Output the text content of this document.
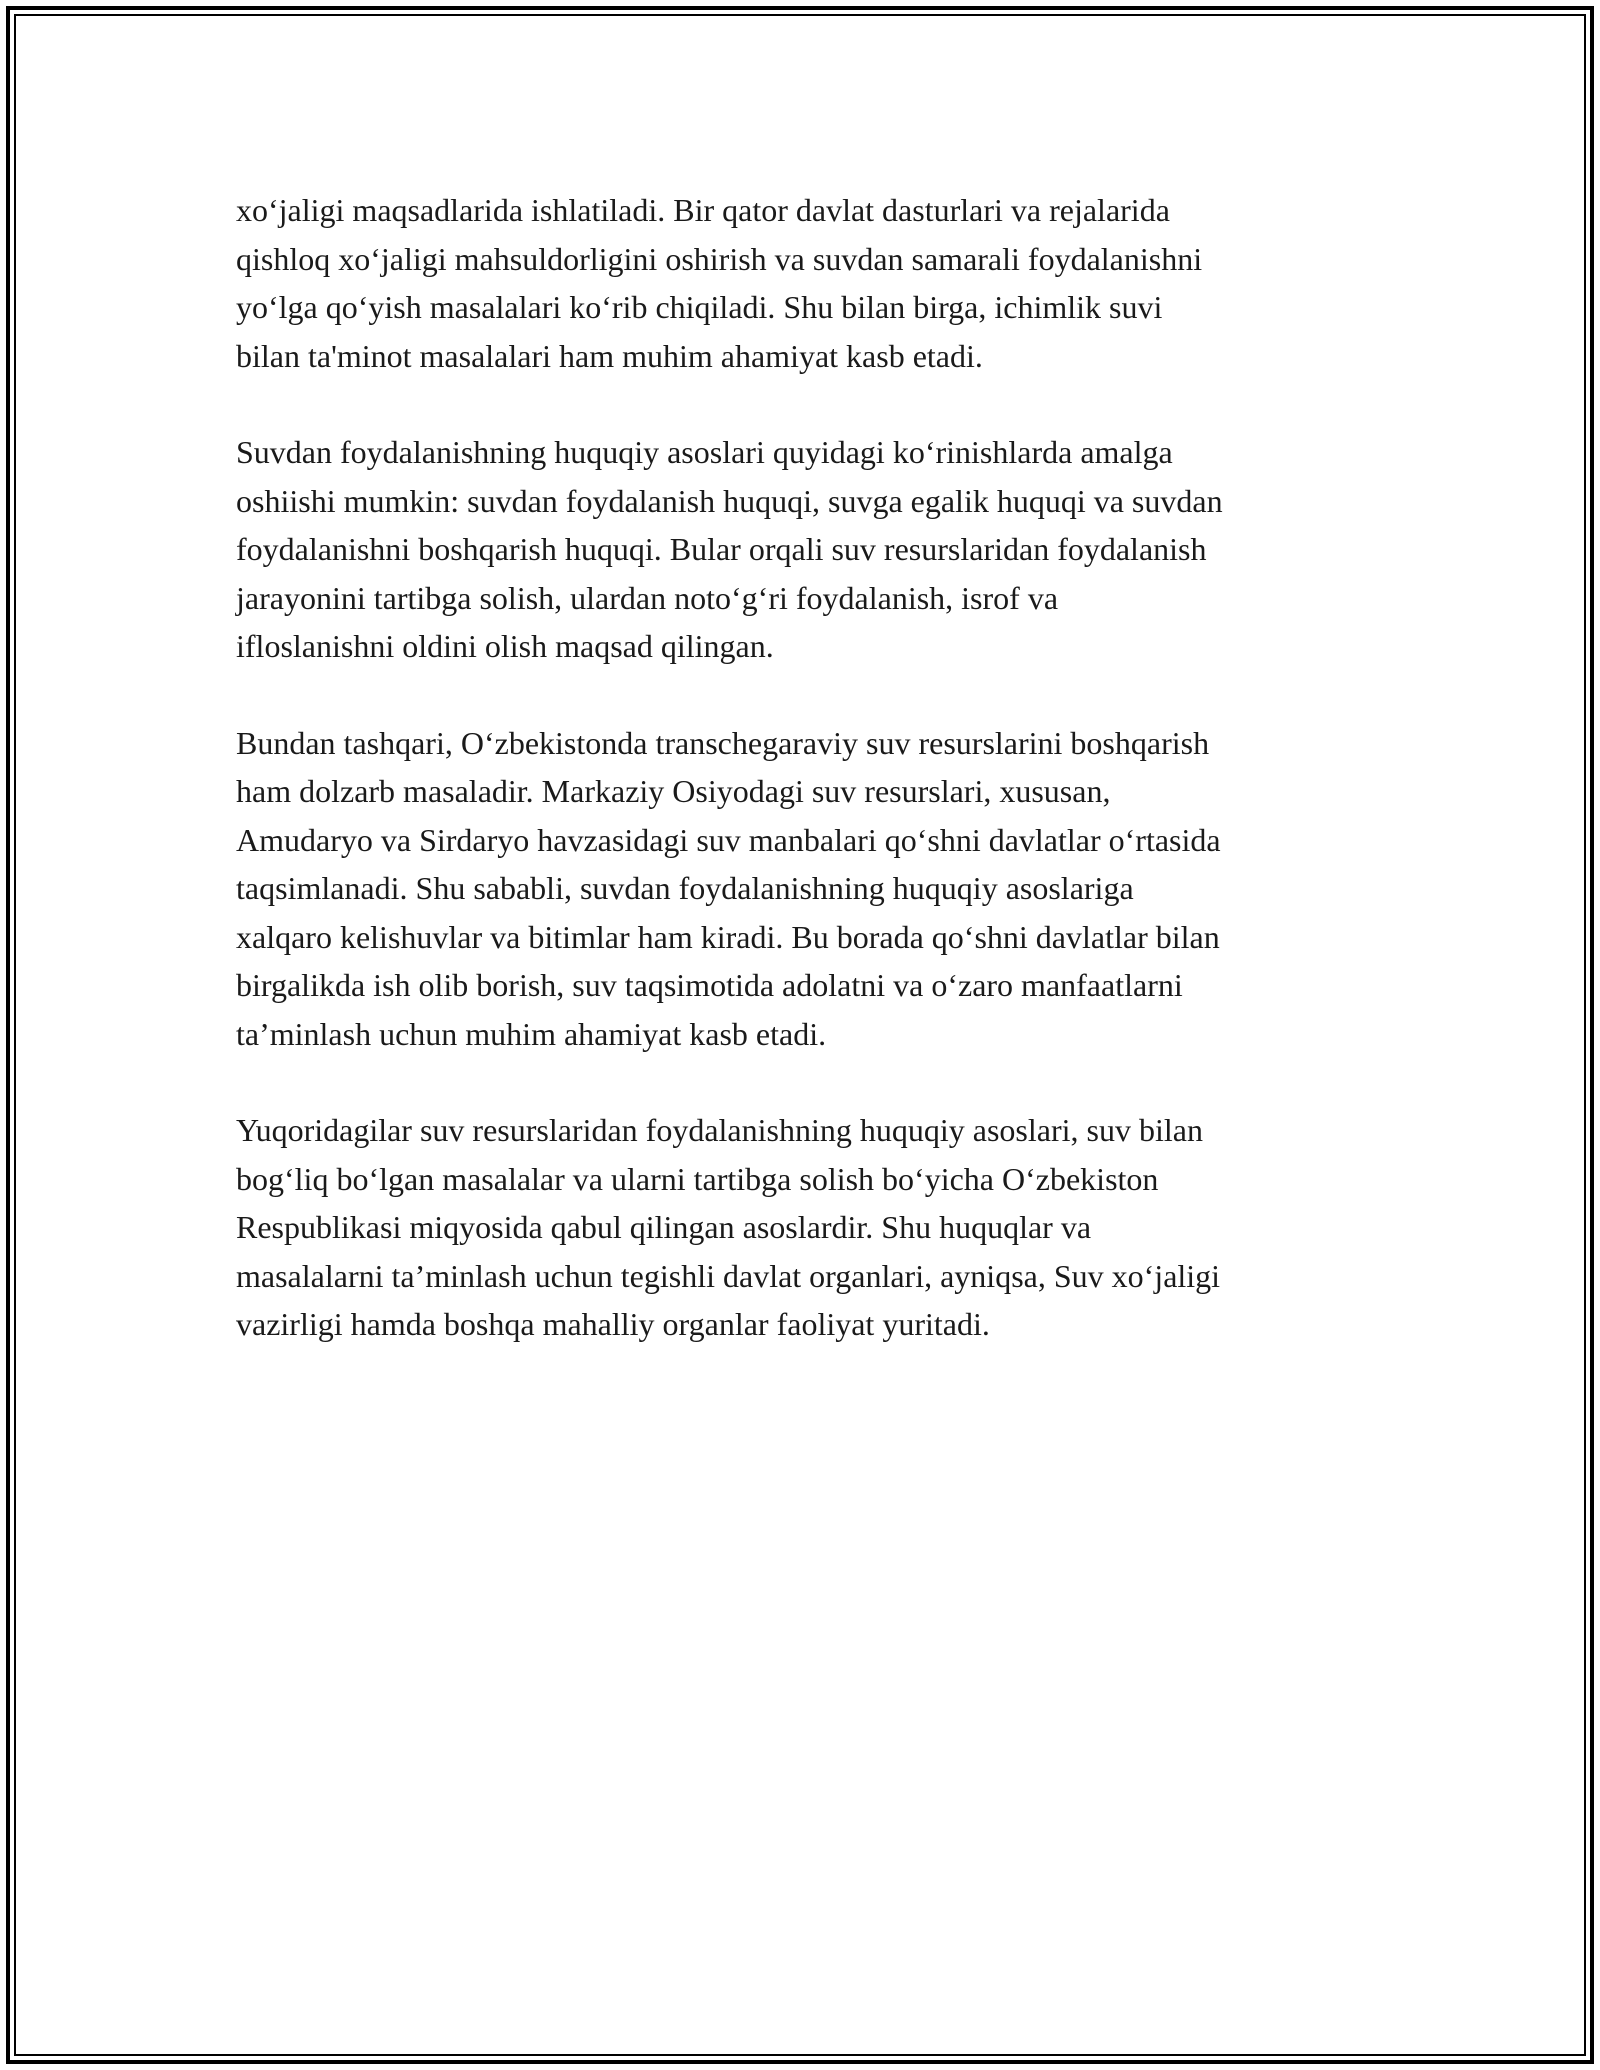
xo‘jaligi maqsadlarida ishlatiladi. Bir qator davlat dasturlari va rejalarida
qishloq xo‘jaligi mahsuldorligini oshirish va suvdan samarali foydalanishni
yo‘lga qo‘yish masalalari ko‘rib chiqiladi. Shu bilan birga, ichimlik suvi
bilan ta'minot masalalari ham muhim ahamiyat kasb etadi.

Suvdan foydalanishning huquqiy asoslari quyidagi ko‘rinishlarda amalga
oshiishi mumkin: suvdan foydalanish huquqi, suvga egalik huquqi va suvdan
foydalanishni boshqarish huquqi. Bular orqali suv resurslaridan foydalanish
jarayonini tartibga solish, ulardan noto‘g‘ri foydalanish, isrof va
ifloslanishni oldini olish maqsad qilingan.

Bundan tashqari, O‘zbekistonda transchegaraviy suv resurslarini boshqarish
ham dolzarb masaladir. Markaziy Osiyodagi suv resurslari, xususan,
Amudaryo va Sirdaryo havzasidagi suv manbalari qo‘shni davlatlar o‘rtasida
taqsimlanadi. Shu sababli, suvdan foydalanishning huquqiy asoslariga
xalqaro kelishuvlar va bitimlar ham kiradi. Bu borada qo‘shni davlatlar bilan
birgalikda ish olib borish, suv taqsimotida adolatni va o‘zaro manfaatlarni
ta’minlash uchun muhim ahamiyat kasb etadi.

Yuqoridagilar suv resurslaridan foydalanishning huquqiy asoslari, suv bilan
bog‘liq bo‘lgan masalalar va ularni tartibga solish bo‘yicha O‘zbekiston
Respublikasi miqyosida qabul qilingan asoslardir. Shu huquqlar va
masalalarni ta’minlash uchun tegishli davlat organlari, ayniqsa, Suv xo‘jaligi
vazirligi hamda boshqa mahalliy organlar faoliyat yuritadi.
